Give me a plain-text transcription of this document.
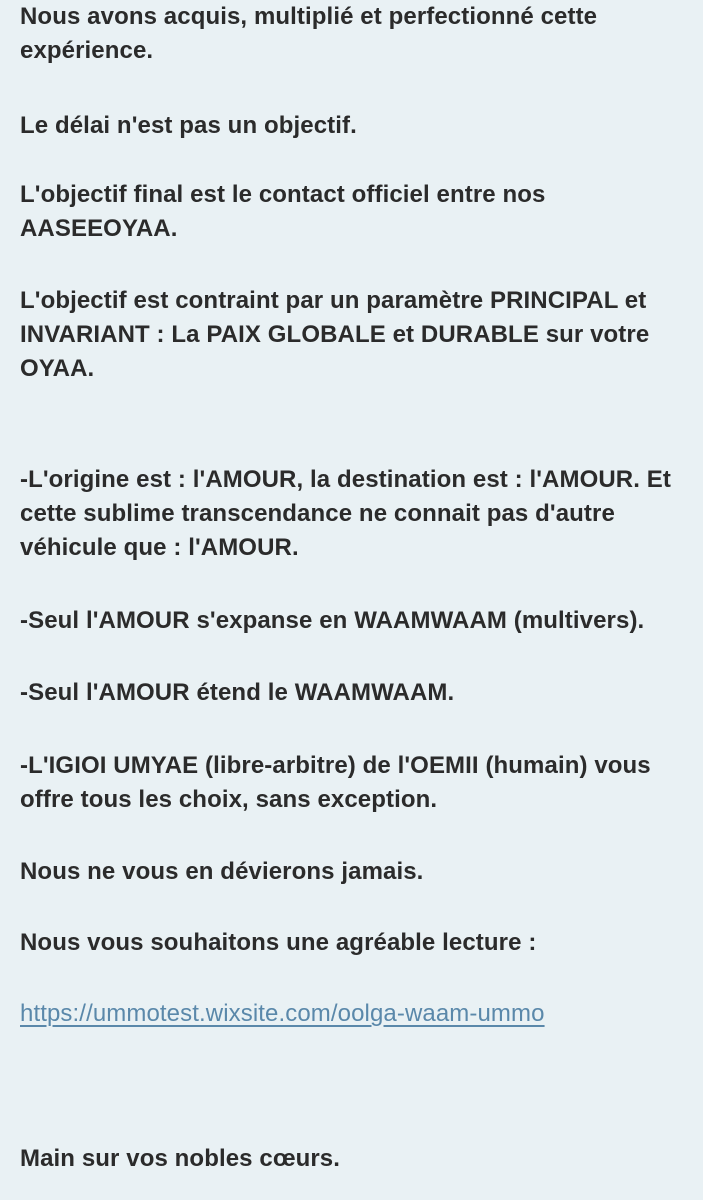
Nous avons acquis, multiplié et perfectionné cette expérience.

Le délai n'est pas un objectif.

L'objectif final est le contact officiel entre nos AASEEOYAA.

L'objectif est contraint par un paramètre PRINCIPAL et INVARIANT : La PAIX GLOBALE et DURABLE sur votre OYAA.

-L'origine est : l'AMOUR, la destination est : l'AMOUR. Et cette sublime transcendance ne connait pas d'autre véhicule que : l'AMOUR.

-Seul l'AMOUR s'expanse en WAAMWAAM (multivers).

-Seul l'AMOUR étend le WAAMWAAM.

-L'IGIOI UMYAE (libre-arbitre) de l'OEMII (humain) vous offre tous les choix, sans exception.

Nous ne vous en dévierons jamais.

Nous vous souhaitons une agréable lecture :

https://ummotest.wixsite.com/oolga-waam-ummo

Main sur vos nobles cœurs.
